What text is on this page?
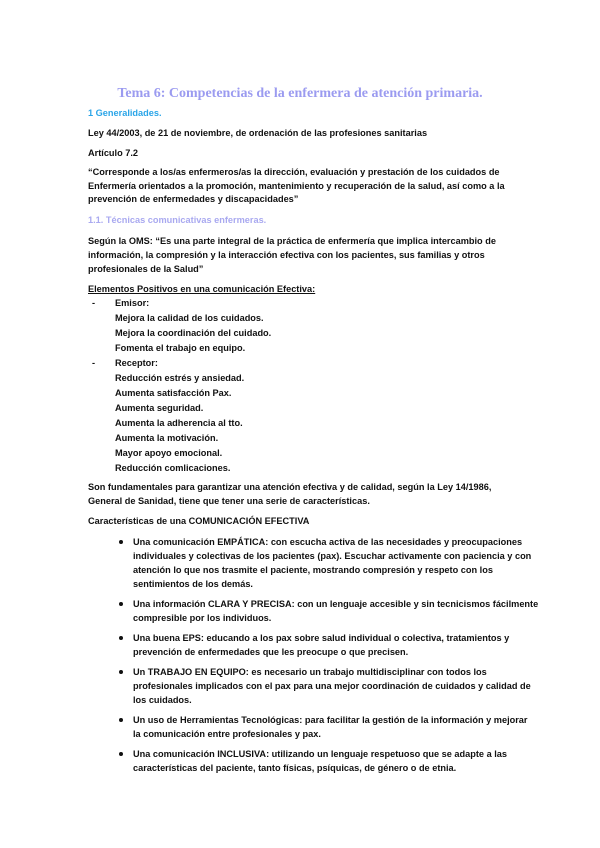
Tema 6: Competencias de la enfermera de atención primaria.
1 Generalidades.
Ley 44/2003, de 21 de noviembre, de ordenación de las profesiones sanitarias
Artículo 7.2
“Corresponde a los/as enfermeros/as la dirección, evaluación y prestación de los cuidados de
Enfermería orientados a la promoción, mantenimiento y recuperación de la salud, así como a la
prevención de enfermedades y discapacidades”
1.1. Técnicas comunicativas enfermeras.
Según la OMS: “Es una parte integral de la práctica de enfermería que implica intercambio de
información, la compresión y la interacción efectiva con los pacientes, sus familias y otros
profesionales de la Salud”
Elementos Positivos en una comunicación Efectiva:
- Emisor:
Mejora la calidad de los cuidados.
Mejora la coordinación del cuidado.
Fomenta el trabajo en equipo.
- Receptor:
Reducción estrés y ansiedad.
Aumenta satisfacción Pax.
Aumenta seguridad.
Aumenta la adherencia al tto.
Aumenta la motivación.
Mayor apoyo emocional.
Reducción comlicaciones.
Son fundamentales para garantizar una atención efectiva y de calidad, según la Ley 14/1986,
General de Sanidad, tiene que tener una serie de características.
Características de una COMUNICACIÓN EFECTIVA
Una comunicación EMPÁTICA: con escucha activa de las necesidades y preocupaciones
individuales y colectivas de los pacientes (pax). Escuchar activamente con paciencia y con
atención lo que nos trasmite el paciente, mostrando compresión y respeto con los
sentimientos de los demás.
Una información CLARA Y PRECISA: con un lenguaje accesible y sin tecnicismos fácilmente
compresible por los individuos.
Una buena EPS: educando a los pax sobre salud individual o colectiva, tratamientos y
prevención de enfermedades que les preocupe o que precisen.
Un TRABAJO EN EQUIPO: es necesario un trabajo multidisciplinar con todos los
profesionales implicados con el pax para una mejor coordinación de cuidados y calidad de
los cuidados.
Un uso de Herramientas Tecnológicas: para facilitar la gestión de la información y mejorar
la comunicación entre profesionales y pax.
Una comunicación INCLUSIVA: utilizando un lenguaje respetuoso que se adapte a las
características del paciente, tanto físicas, psíquicas, de género o de etnia.
